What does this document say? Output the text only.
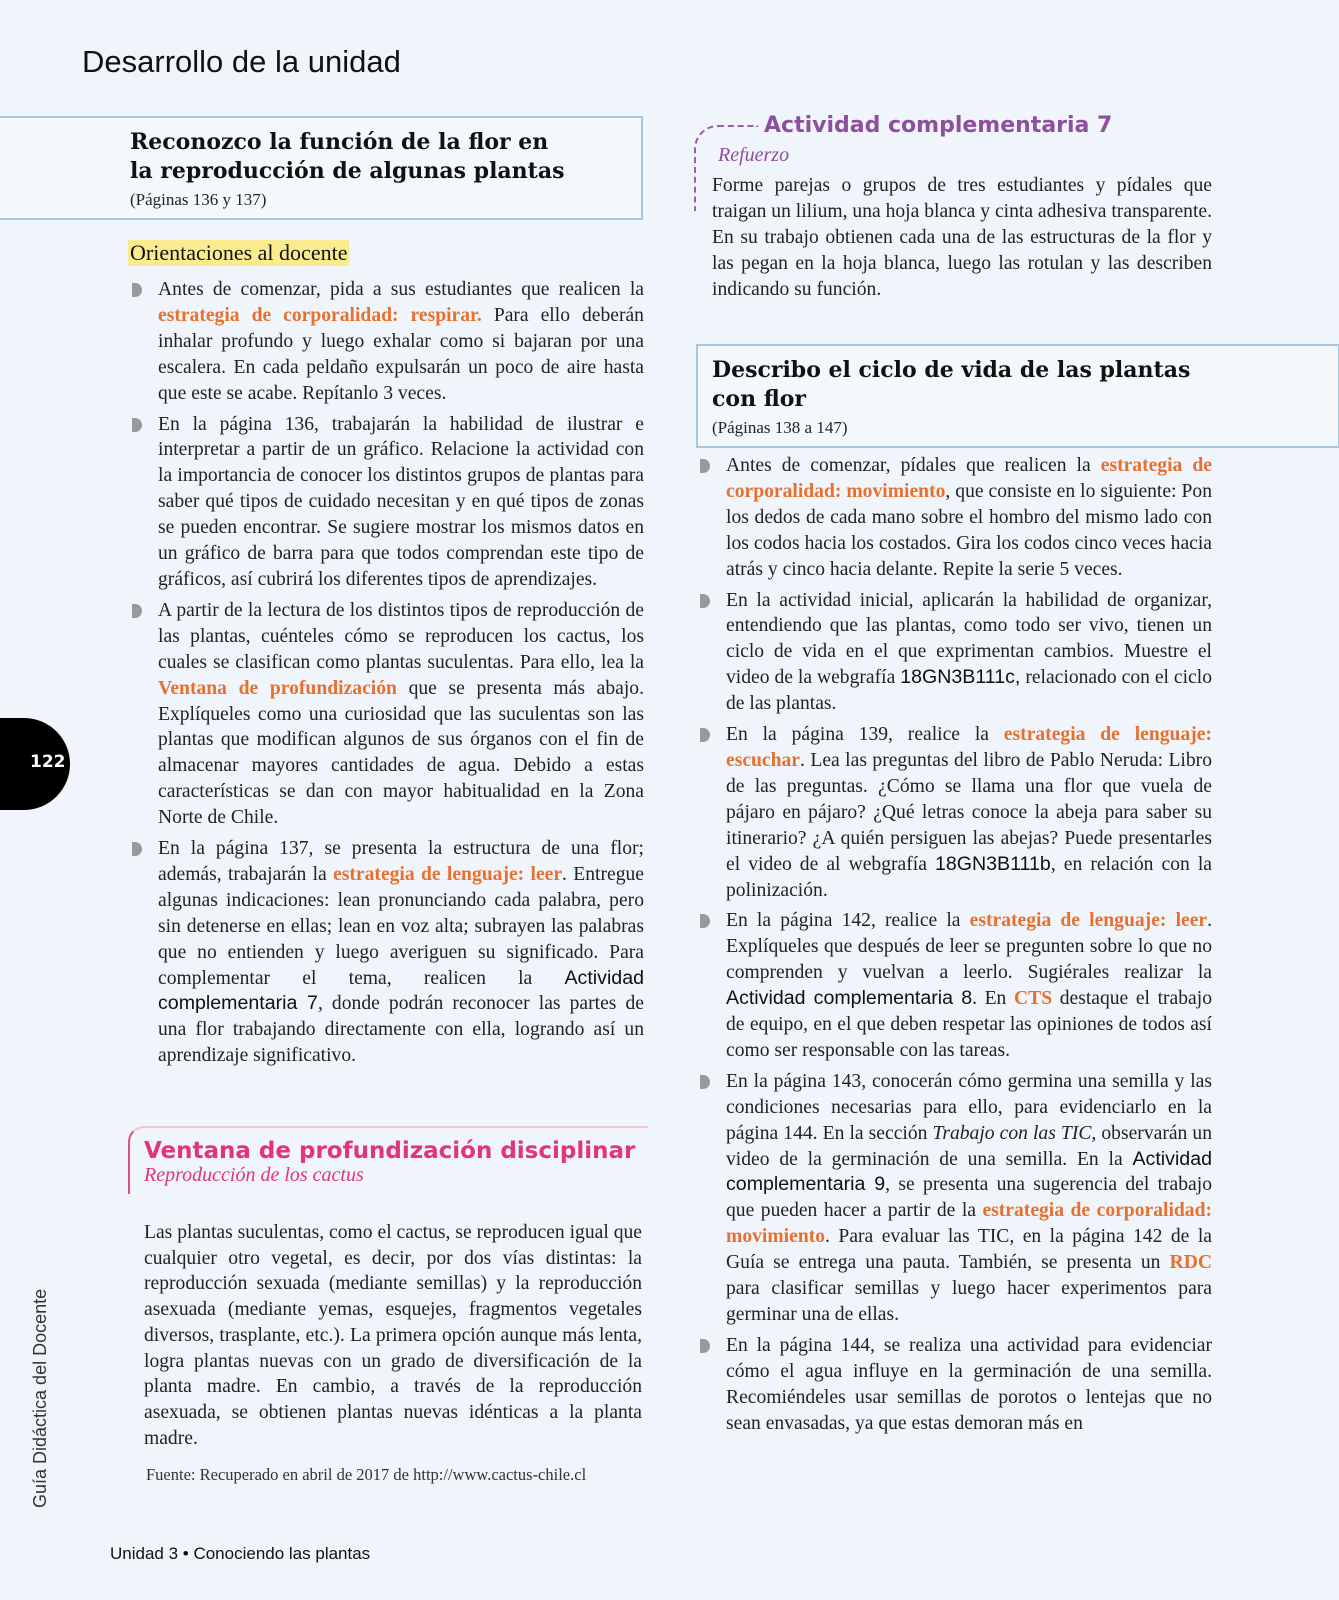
Desarrollo de la unidad
Reconozco la función de la flor en
la reproducción de algunas plantas
(Páginas 136 y 137)
Orientaciones al docente
Antes de comenzar, pida a sus estudiantes que realicen la estrategia de corporalidad: respirar. Para ello deberán inhalar profundo y luego exhalar como si bajaran por una escalera. En cada peldaño expulsarán un poco de aire hasta que este se acabe. Repítanlo 3 veces.
En la página 136, trabajarán la habilidad de ilustrar e interpretar a partir de un gráfico. Relacione la actividad con la importancia de conocer los distintos grupos de plantas para saber qué tipos de cuidado necesitan y en qué tipos de zonas se pueden encontrar. Se sugiere mostrar los mismos datos en un gráfico de barra para que todos comprendan este tipo de gráficos, así cubrirá los diferentes tipos de aprendizajes.
A partir de la lectura de los distintos tipos de reproducción de las plantas, cuénteles cómo se reproducen los cactus, los cuales se clasifican como plantas suculentas. Para ello, lea la Ventana de profundización que se presenta más abajo. Explíqueles como una curiosidad que las suculentas son las plantas que modifican algunos de sus órganos con el fin de almacenar mayores cantidades de agua. Debido a estas características se dan con mayor habitualidad en la Zona Norte de Chile.
En la página 137, se presenta la estructura de una flor; además, trabajarán la estrategia de lenguaje: leer. Entregue algunas indicaciones: lean pronunciando cada palabra, pero sin detenerse en ellas; lean en voz alta; subrayen las palabras que no entienden y luego averiguen su significado. Para complementar el tema, realicen la Actividad complementaria 7, donde podrán reconocer las partes de una flor trabajando directamente con ella, logrando así un aprendizaje significativo.
Ventana de profundización disciplinar
Reproducción de los cactus

Las plantas suculentas, como el cactus, se reproducen igual que cualquier otro vegetal, es decir, por dos vías distintas: la reproducción sexuada (mediante semillas) y la reproducción asexuada (mediante yemas, esquejes, fragmentos vegetales diversos, trasplante, etc.). La primera opción aunque más lenta, logra plantas nuevas con un grado de diversificación de la planta madre. En cambio, a través de la reproducción asexuada, se obtienen plantas nuevas idénticas a la planta madre.

Fuente: Recuperado en abril de 2017 de http://www.cactus-chile.cl
Actividad complementaria 7
Refuerzo

Forme parejas o grupos de tres estudiantes y pídales que traigan un lilium, una hoja blanca y cinta adhesiva transparente. En su trabajo obtienen cada una de las estructuras de la flor y las pegan en la hoja blanca, luego las rotulan y las describen indicando su función.

Describo el ciclo de vida de las plantas
con flor
(Páginas 138 a 147)
Antes de comenzar, pídales que realicen la estrategia de corporalidad: movimiento, que consiste en lo siguiente: Pon los dedos de cada mano sobre el hombro del mismo lado con los codos hacia los costados. Gira los codos cinco veces hacia atrás y cinco hacia delante. Repite la serie 5 veces.
En la actividad inicial, aplicarán la habilidad de organizar, entendiendo que las plantas, como todo ser vivo, tienen un ciclo de vida en el que exprimentan cambios. Muestre el video de la webgrafía 18GN3B111c, relacionado con el ciclo de las plantas.
En la página 139, realice la estrategia de lenguaje: escuchar. Lea las preguntas del libro de Pablo Neruda: Libro de las preguntas. ¿Cómo se llama una flor que vuela de pájaro en pájaro? ¿Qué letras conoce la abeja para saber su itinerario? ¿A quién persiguen las abejas? Puede presentarles el video de al webgrafía 18GN3B111b, en relación con la polinización.
En la página 142, realice la estrategia de lenguaje: leer. Explíqueles que después de leer se pregunten sobre lo que no comprenden y vuelvan a leerlo. Sugiérales realizar la Actividad complementaria 8. En CTS destaque el trabajo de equipo, en el que deben respetar las opiniones de todos así como ser responsable con las tareas.
En la página 143, conocerán cómo germina una semilla y las condiciones necesarias para ello, para evidenciarlo en la página 144. En la sección Trabajo con las TIC, observarán un video de la germinación de una semilla. En la Actividad complementaria 9, se presenta una sugerencia del trabajo que pueden hacer a partir de la estrategia de corporalidad: movimiento. Para evaluar las TIC, en la página 142 de la Guía se entrega una pauta. También, se presenta un RDC para clasificar semillas y luego hacer experimentos para germinar una de ellas.
En la página 144, se realiza una actividad para evidenciar cómo el agua influye en la germinación de una semilla. Recomiéndeles usar semillas de porotos o lentejas que no sean envasadas, ya que estas demoran más en
122
Guía Didáctica del Docente
Unidad 3 • Conociendo las plantas
